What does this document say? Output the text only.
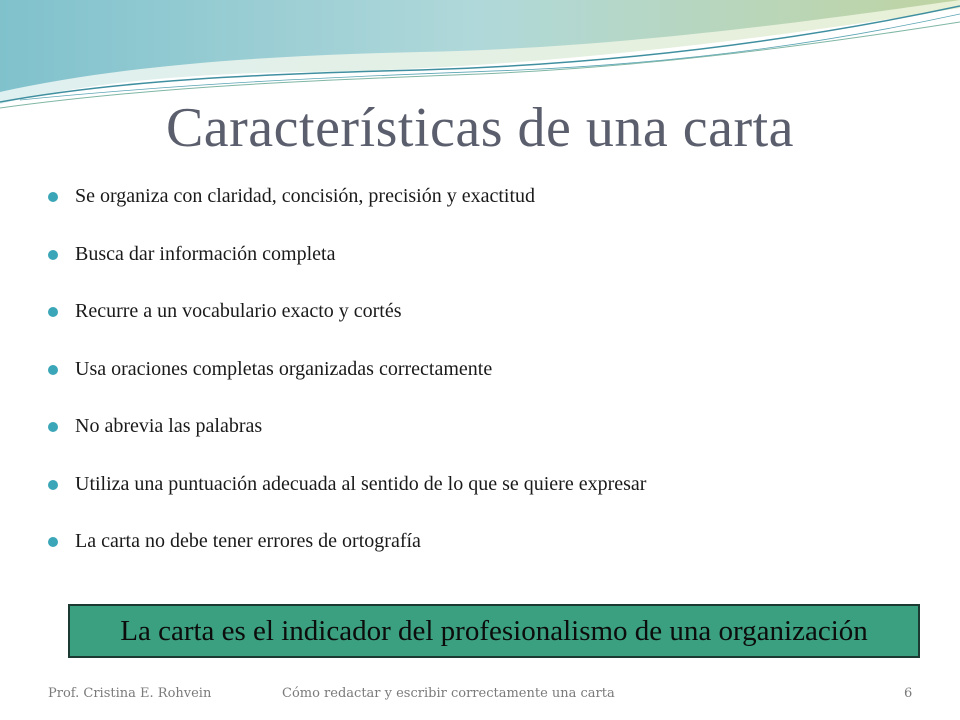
Características de una carta
Se organiza con claridad, concisión, precisión y exactitud
Busca dar información completa
Recurre a un vocabulario exacto y cortés
Usa oraciones completas organizadas correctamente
No abrevia las palabras
Utiliza una puntuación adecuada al sentido de lo que se quiere expresar
La carta no debe tener errores de ortografía
La carta es el indicador del profesionalismo de una organización
Prof. Cristina E. Rohvein	Cómo redactar y escribir correctamente una carta	6
